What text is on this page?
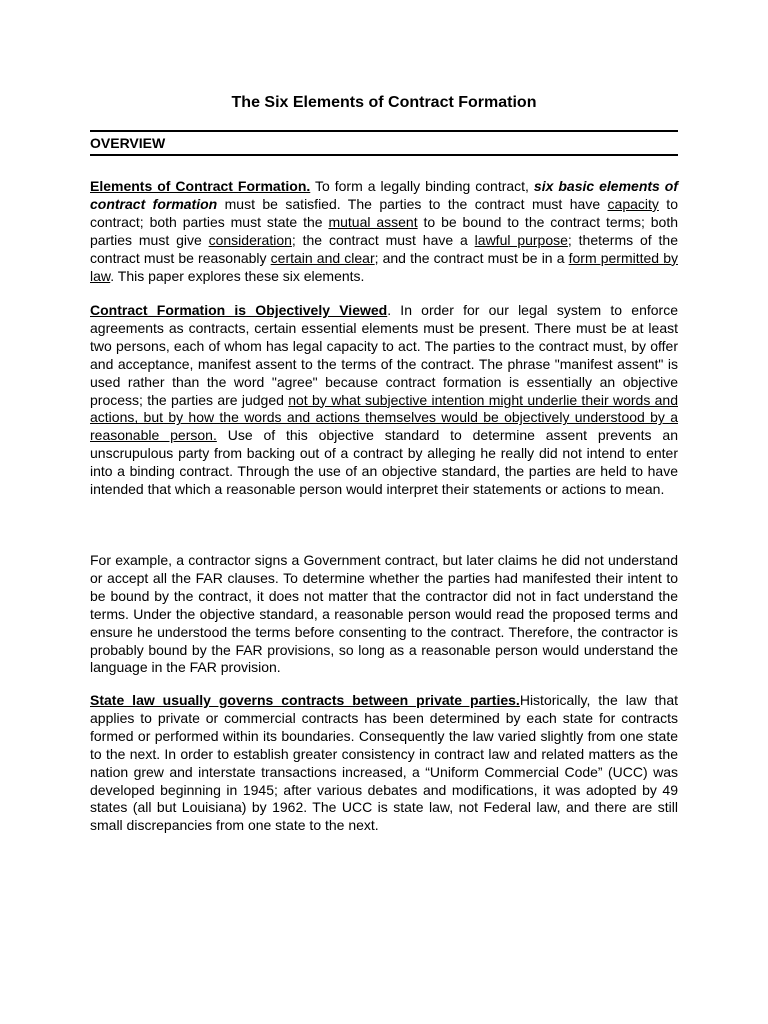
The Six Elements of Contract Formation
OVERVIEW

Elements of Contract Formation. To form a legally binding contract, six basic elements of contract formation must be satisfied. The parties to the contract must have capacity to contract; both parties must state the mutual assent to be bound to the contract terms; both parties must give consideration; the contract must have a lawful purpose; theterms of the contract must be reasonably certain and clear; and the contract must be in a form permitted by law. This paper explores these six elements.

Contract Formation is Objectively Viewed. In order for our legal system to enforce agreements as contracts, certain essential elements must be present. There must be at least two persons, each of whom has legal capacity to act. The parties to the contract must, by offer and acceptance, manifest assent to the terms of the contract. The phrase "manifest assent" is used rather than the word "agree" because contract formation is essentially an objective process; the parties are judged not by what subjective intention might underlie their words and actions, but by how the words and actions themselves would be objectively understood by a reasonable person. Use of this objective standard to determine assent prevents an unscrupulous party from backing out of a contract by alleging he really did not intend to enter into a binding contract. Through the use of an objective standard, the parties are held to have intended that which a reasonable person would interpret their statements or actions to mean.

For example, a contractor signs a Government contract, but later claims he did not understand or accept all the FAR clauses. To determine whether the parties had manifested their intent to be bound by the contract, it does not matter that the contractor did not in fact understand the terms. Under the objective standard, a reasonable person would read the proposed terms and ensure he understood the terms before consenting to the contract. Therefore, the contractor is probably bound by the FAR provisions, so long as a reasonable person would understand the language in the FAR provision.

State law usually governs contracts between private parties.Historically, the law that applies to private or commercial contracts has been determined by each state for contracts formed or performed within its boundaries. Consequently the law varied slightly from one state to the next. In order to establish greater consistency in contract law and related matters as the nation grew and interstate transactions increased, a “Uniform Commercial Code” (UCC) was developed beginning in 1945; after various debates and modifications, it was adopted by 49 states (all but Louisiana) by 1962. The UCC is state law, not Federal law, and there are still small discrepancies from one state to the next.
